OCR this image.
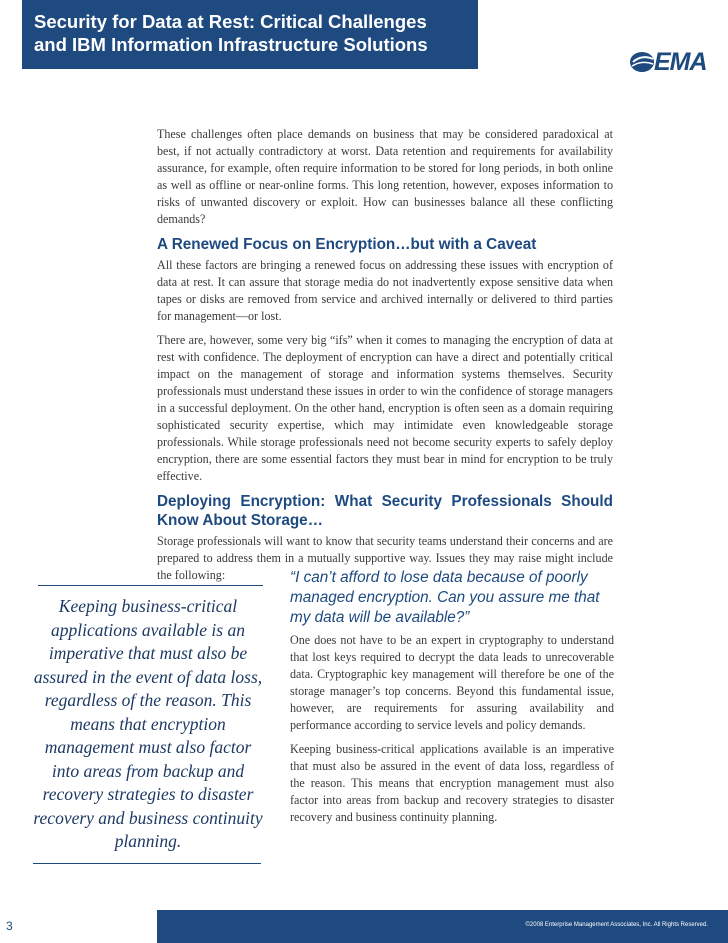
Security for Data at Rest: Critical Challenges
and IBM Information Infrastructure Solutions
EMA

These challenges often place demands on business that may be considered paradoxical at best, if not actually contradictory at worst. Data retention and requirements for availability assurance, for example, often require information to be stored for long periods, in both online as well as offline or near-online forms. This long retention, however, exposes information to risks of unwanted discovery or exploit. How can businesses balance all these conflicting demands?

A Renewed Focus on Encryption…but with a Caveat

All these factors are bringing a renewed focus on addressing these issues with encryption of data at rest. It can assure that storage media do not inadvertently expose sensitive data when tapes or disks are removed from service and archived internally or delivered to third parties for management—or lost.

There are, however, some very big “ifs” when it comes to managing the encryption of data at rest with confidence. The deployment of encryption can have a direct and potentially critical impact on the management of storage and information systems themselves. Security professionals must understand these issues in order to win the confidence of storage managers in a successful deployment. On the other hand, encryption is often seen as a domain requiring sophisticated security expertise, which may intimidate even knowledgeable storage professionals. While storage professionals need not become security experts to safely deploy encryption, there are some essential factors they must bear in mind for encryption to be truly effective.

Deploying Encryption: What Security Professionals Should Know About Storage…

Storage professionals will want to know that security teams understand their concerns and are prepared to address them in a mutually supportive way. Issues they may raise might include the following:

Keeping business-critical applications available is an imperative that must also be assured in the event of data loss, regardless of the reason. This means that encryption management must also factor into areas from backup and recovery strategies to disaster recovery and business continuity planning.

“I can’t afford to lose data because of poorly managed encryption. Can you assure me that my data will be available?”

One does not have to be an expert in cryptography to understand that lost keys required to decrypt the data leads to unrecoverable data. Cryptographic key management will therefore be one of the storage manager’s top concerns. Beyond this fundamental issue, however, are requirements for assuring availability and performance according to service levels and policy demands.

Keeping business-critical applications available is an imperative that must also be assured in the event of data loss, regardless of the reason. This means that encryption management must also factor into areas from backup and recovery strategies to disaster recovery and business continuity planning.

3	©2008 Enterprise Management Associates, Inc. All Rights Reserved.
